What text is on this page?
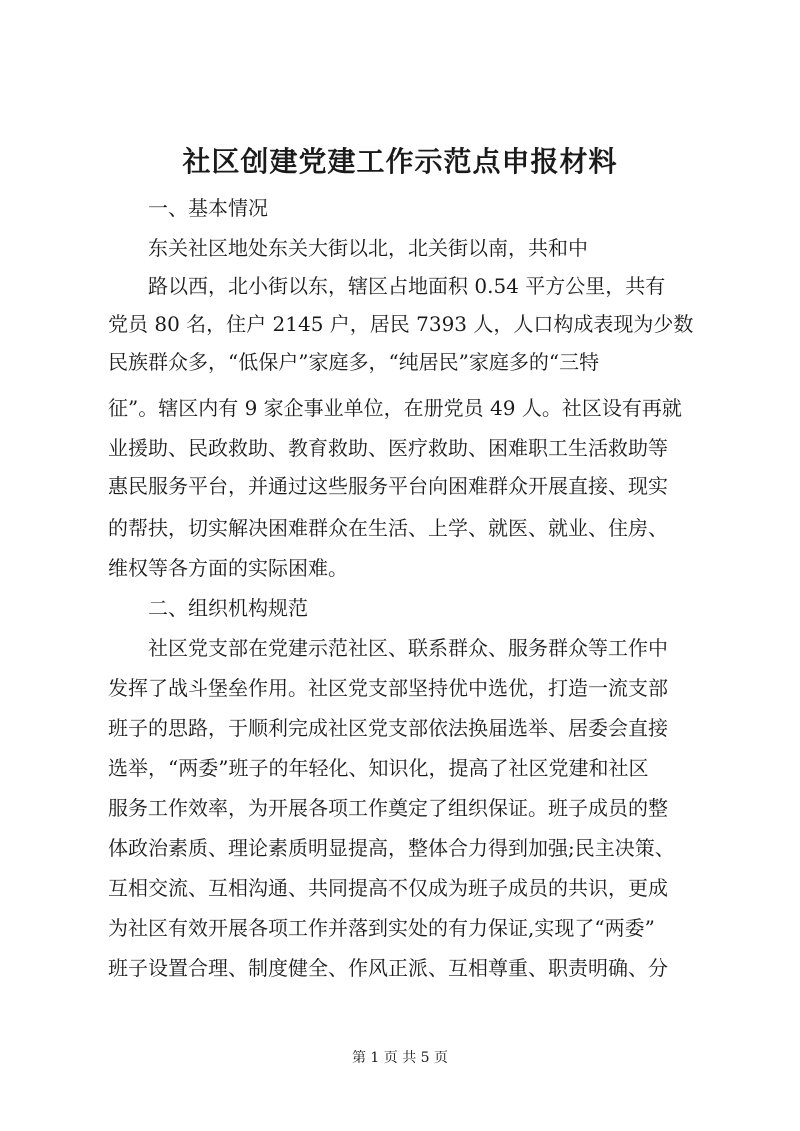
社区创建党建工作示范点申报材料
一、基本情况
东关社区地处东关大街以北，北关街以南，共和中
路以西，北小街以东，辖区占地面积 0.54 平方公里，共有
党员 80 名，住户 2145 户，居民 7393 人，人口构成表现为少数
民族群众多，“低保户”家庭多，“纯居民”家庭多的“三特
征”。辖区内有 9 家企事业单位，在册党员 49 人。社区设有再就
业援助、民政救助、教育救助、医疗救助、困难职工生活救助等
惠民服务平台，并通过这些服务平台向困难群众开展直接、现实
的帮扶，切实解决困难群众在生活、上学、就医、就业、住房、
维权等各方面的实际困难。
二、组织机构规范
社区党支部在党建示范社区、联系群众、服务群众等工作中
发挥了战斗堡垒作用。社区党支部坚持优中选优，打造一流支部
班子的思路，于顺利完成社区党支部依法换届选举、居委会直接
选举，“两委”班子的年轻化、知识化，提高了社区党建和社区
服务工作效率，为开展各项工作奠定了组织保证。班子成员的整
体政治素质、理论素质明显提高，整体合力得到加强;民主决策、
互相交流、互相沟通、共同提高不仅成为班子成员的共识，更成
为社区有效开展各项工作并落到实处的有力保证,实现了“两委”
班子设置合理、制度健全、作风正派、互相尊重、职责明确、分
第 1 页 共 5 页
